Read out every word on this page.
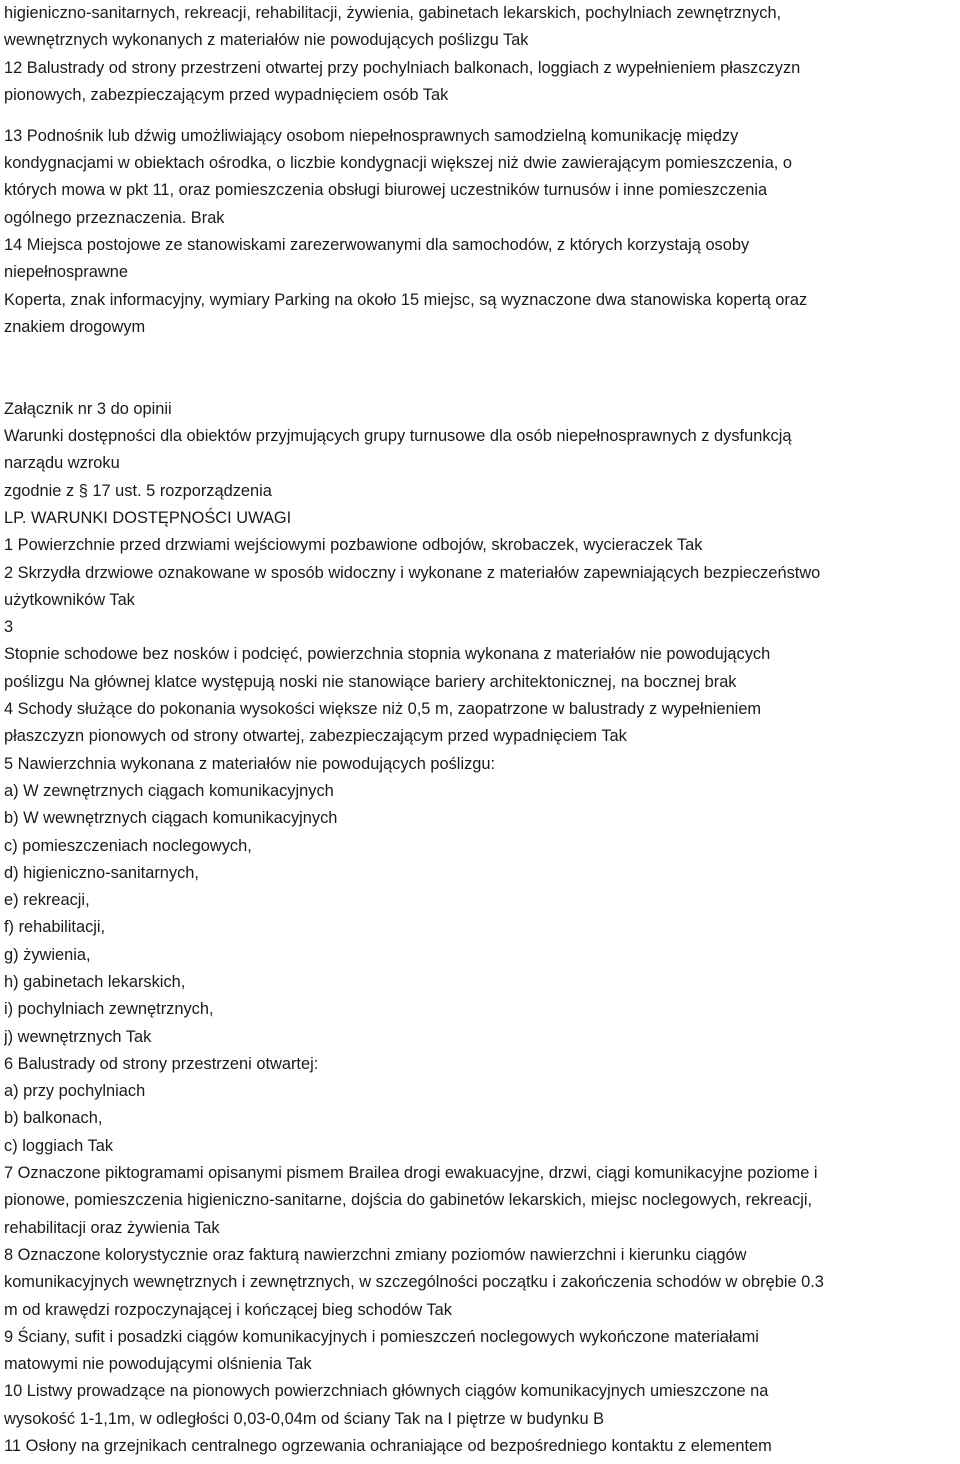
higieniczno-sanitarnych, rekreacji, rehabilitacji, żywienia, gabinetach lekarskich, pochylniach zewnętrznych,
wewnętrznych wykonanych z materiałów nie powodujących poślizgu Tak
12 Balustrady od strony przestrzeni otwartej przy pochylniach balkonach, loggiach z wypełnieniem płaszczyzn
pionowych, zabezpieczającym przed wypadnięciem osób Tak
13 Podnośnik lub dźwig umożliwiający osobom niepełnosprawnych samodzielną komunikację między
kondygnacjami w obiektach ośrodka, o liczbie kondygnacji większej niż dwie zawierającym pomieszczenia, o
których mowa w pkt 11, oraz pomieszczenia obsługi biurowej uczestników turnusów i inne pomieszczenia
ogólnego przeznaczenia. Brak
14 Miejsca postojowe ze stanowiskami zarezerwowanymi dla samochodów, z których korzystają osoby
niepełnosprawne
Koperta, znak informacyjny, wymiary Parking na około 15 miejsc, są wyznaczone dwa stanowiska kopertą oraz
znakiem drogowym
Załącznik nr 3 do opinii
Warunki dostępności dla obiektów przyjmujących grupy turnusowe dla osób niepełnosprawnych z dysfunkcją
narządu wzroku
zgodnie z § 17 ust. 5 rozporządzenia
LP. WARUNKI DOSTĘPNOŚCI UWAGI
1 Powierzchnie przed drzwiami wejściowymi pozbawione odbojów, skrobaczek, wycieraczek Tak
2 Skrzydła drzwiowe oznakowane w sposób widoczny i wykonane z materiałów zapewniających bezpieczeństwo
użytkowników Tak
3
Stopnie schodowe bez nosków i podcięć, powierzchnia stopnia wykonana z materiałów nie powodujących
poślizgu Na głównej klatce występują noski nie stanowiące bariery architektonicznej, na bocznej brak
4 Schody służące do pokonania wysokości większe niż 0,5 m, zaopatrzone w balustrady z wypełnieniem
płaszczyzn pionowych od strony otwartej, zabezpieczającym przed wypadnięciem Tak
5 Nawierzchnia wykonana z materiałów nie powodujących poślizgu:
a) W zewnętrznych ciągach komunikacyjnych
b) W wewnętrznych ciągach komunikacyjnych
c) pomieszczeniach noclegowych,
d) higieniczno-sanitarnych,
e) rekreacji,
f) rehabilitacji,
g) żywienia,
h) gabinetach lekarskich,
i) pochylniach zewnętrznych,
j) wewnętrznych Tak
6 Balustrady od strony przestrzeni otwartej:
a) przy pochylniach
b) balkonach,
c) loggiach Tak
7 Oznaczone piktogramami opisanymi pismem Brailea drogi ewakuacyjne, drzwi, ciągi komunikacyjne poziome i
pionowe, pomieszczenia higieniczno-sanitarne, dojścia do gabinetów lekarskich, miejsc noclegowych, rekreacji,
rehabilitacji oraz żywienia Tak
8 Oznaczone kolorystycznie oraz fakturą nawierzchni zmiany poziomów nawierzchni i kierunku ciągów
komunikacyjnych wewnętrznych i zewnętrznych, w szczególności początku i zakończenia schodów w obrębie 0.3
m od krawędzi rozpoczynającej i kończącej bieg schodów Tak
9 Ściany, sufit i posadzki ciągów komunikacyjnych i pomieszczeń noclegowych wykończone materiałami
matowymi nie powodującymi olśnienia Tak
10 Listwy prowadzące na pionowych powierzchniach głównych ciągów komunikacyjnych umieszczone na
wysokość 1-1,1m, w odległości 0,03-0,04m od ściany Tak na I piętrze w budynku B
11 Osłony na grzejnikach centralnego ogrzewania ochraniające od bezpośredniego kontaktu z elementem
